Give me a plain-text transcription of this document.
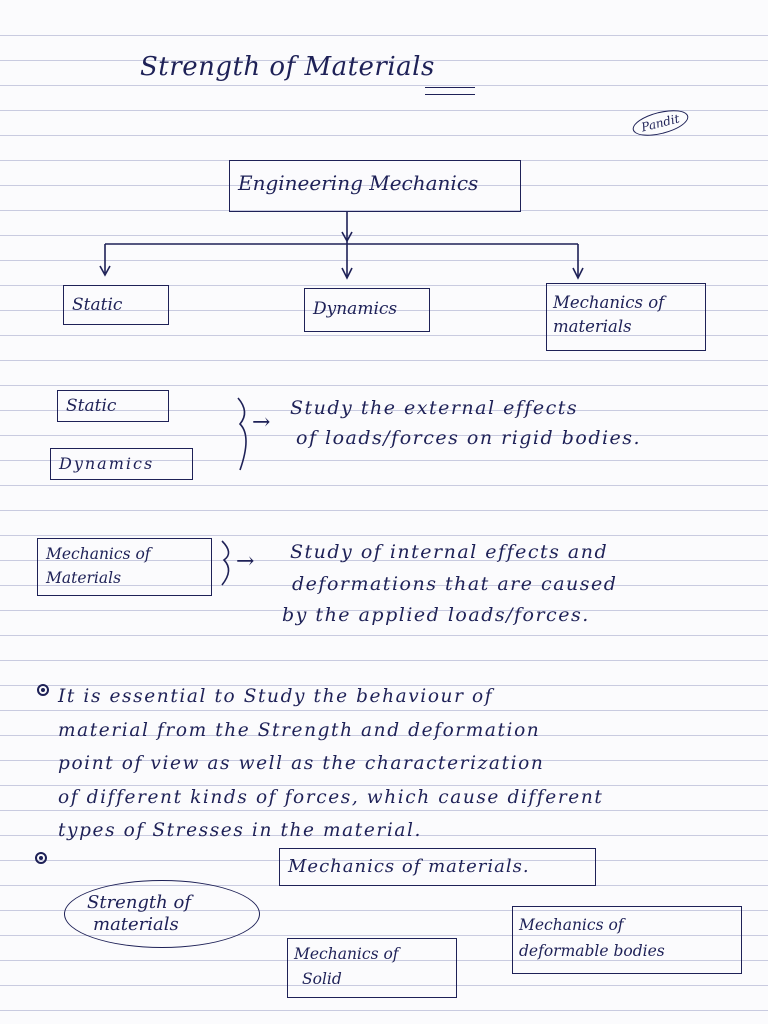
Strength of Materials
Pandit
Engineering Mechanics
Static	Dynamics	Mechanics of materials
Static
Dynamics
→
Study the external effects
of loads/forces on rigid bodies.
Mechanics of
Materials
→ Study of internal effects and
deformations that are caused
by the applied loads/forces.
It is essential to Study the behaviour of
material from the Strength and deformation
point of view as well as the characterization
of different kinds of forces, which cause different
types of Stresses in the material.
Mechanics of materials.
Strength of
materials
Mechanics of
Solid
Mechanics of
deformable bodies
